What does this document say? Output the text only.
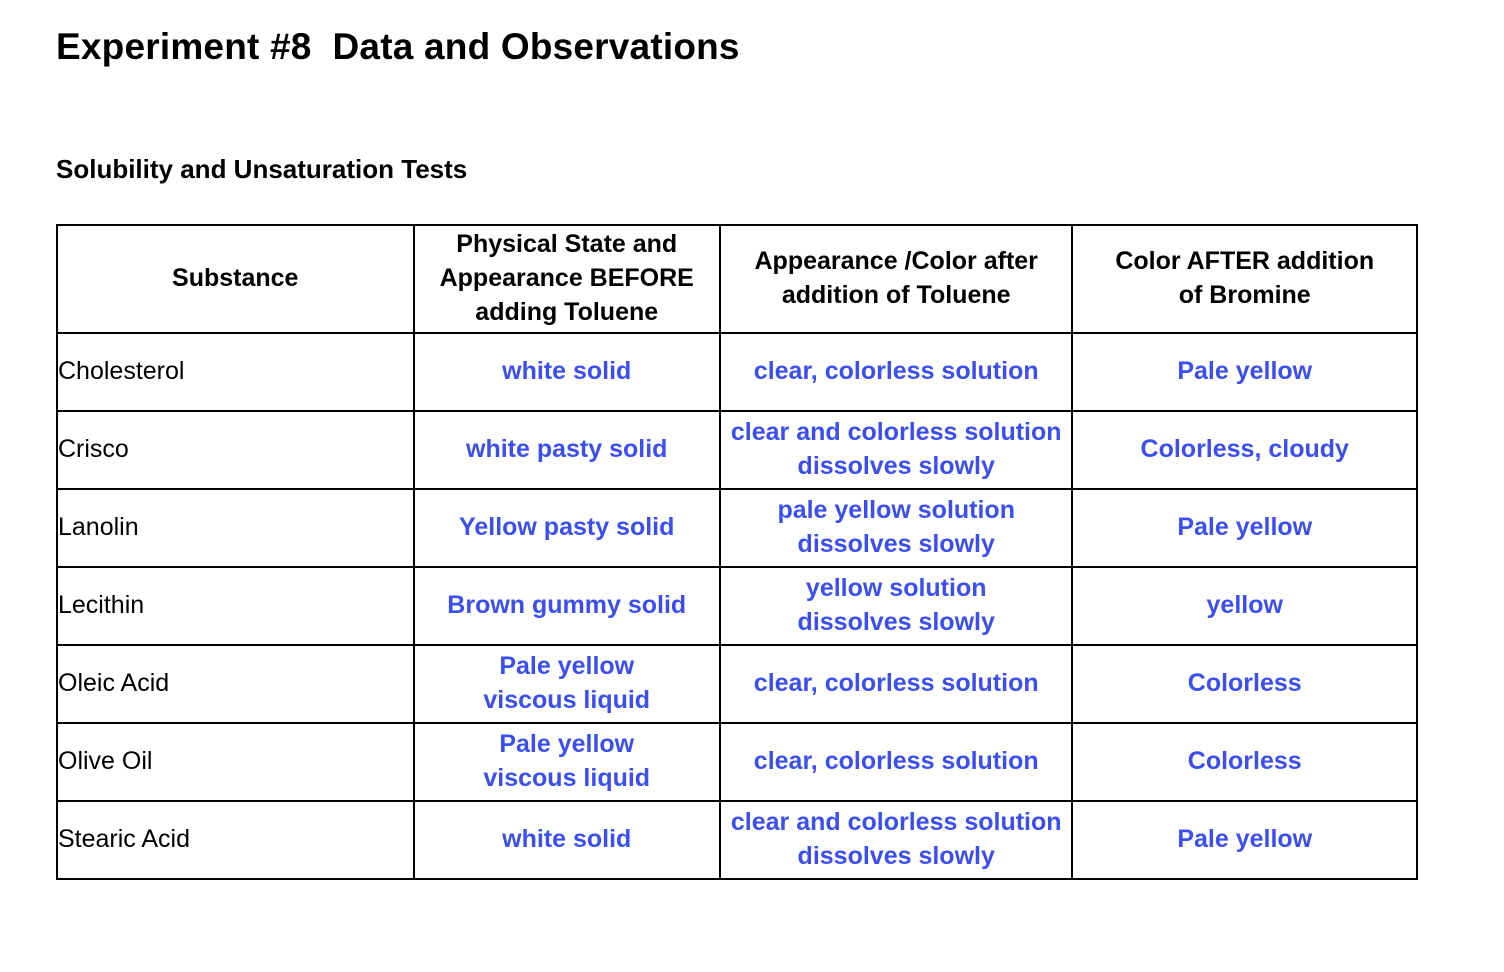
Experiment #8  Data and Observations
Solubility and Unsaturation Tests
Substance	Physical State and
Appearance BEFORE
adding Toluene	Appearance /Color after
addition of Toluene	Color AFTER addition
of Bromine

Cholesterol	white solid	clear, colorless solution	Pale yellow

Crisco	white pasty solid	clear and colorless solution
dissolves slowly	Colorless, cloudy

Lanolin	Yellow pasty solid	pale yellow solution
dissolves slowly	Pale yellow

Lecithin	Brown gummy solid	yellow solution
dissolves slowly	yellow

Oleic Acid	Pale yellow
viscous liquid	clear, colorless solution	Colorless

Olive Oil	Pale yellow
viscous liquid	clear, colorless solution	Colorless

Stearic Acid	white solid	clear and colorless solution
dissolves slowly	Pale yellow
